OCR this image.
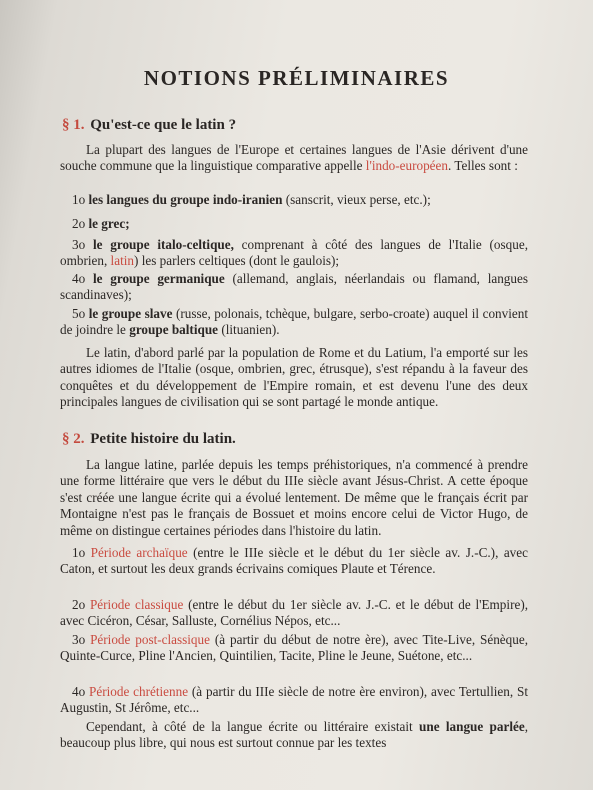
NOTIONS PRÉLIMINAIRES
§ 1. Qu'est-ce que le latin ?

La plupart des langues de l'Europe et certaines langues de l'Asie dérivent d'une souche commune que la linguistique comparative appelle l'indo-européen. Telles sont :

1o les langues du groupe indo-iranien (sanscrit, vieux perse, etc.);

2o le grec;

3o le groupe italo-celtique, comprenant à côté des langues de l'Italie (osque, ombrien, latin) les parlers celtiques (dont le gaulois);

4o le groupe germanique (allemand, anglais, néerlandais ou flamand, langues scandinaves);

5o le groupe slave (russe, polonais, tchèque, bulgare, serbo-croate) auquel il convient de joindre le groupe baltique (lituanien).

Le latin, d'abord parlé par la population de Rome et du Latium, l'a emporté sur les autres idiomes de l'Italie (osque, ombrien, grec, étrusque), s'est répandu à la faveur des conquêtes et du développement de l'Empire romain, et est devenu l'une des deux principales langues de civilisation qui se sont partagé le monde antique.

§ 2. Petite histoire du latin.

La langue latine, parlée depuis les temps préhistoriques, n'a commencé à prendre une forme littéraire que vers le début du IIIe siècle avant Jésus-Christ. A cette époque s'est créée une langue écrite qui a évolué lentement. De même que le français écrit par Montaigne n'est pas le français de Bossuet et moins encore celui de Victor Hugo, de même on distingue certaines périodes dans l'histoire du latin.

1o Période archaïque (entre le IIIe siècle et le début du 1er siècle av. J.-C.), avec Caton, et surtout les deux grands écrivains comiques Plaute et Térence.

2o Période classique (entre le début du 1er siècle av. J.-C. et le début de l'Empire), avec Cicéron, César, Salluste, Cornélius Népos, etc...

3o Période post-classique (à partir du début de notre ère), avec Tite-Live, Sénèque, Quinte-Curce, Pline l'Ancien, Quintilien, Tacite, Pline le Jeune, Suétone, etc...

4o Période chrétienne (à partir du IIIe siècle de notre ère environ), avec Tertullien, St Augustin, St Jérôme, etc...

Cependant, à côté de la langue écrite ou littéraire existait une langue parlée, beaucoup plus libre, qui nous est surtout connue par les textes
